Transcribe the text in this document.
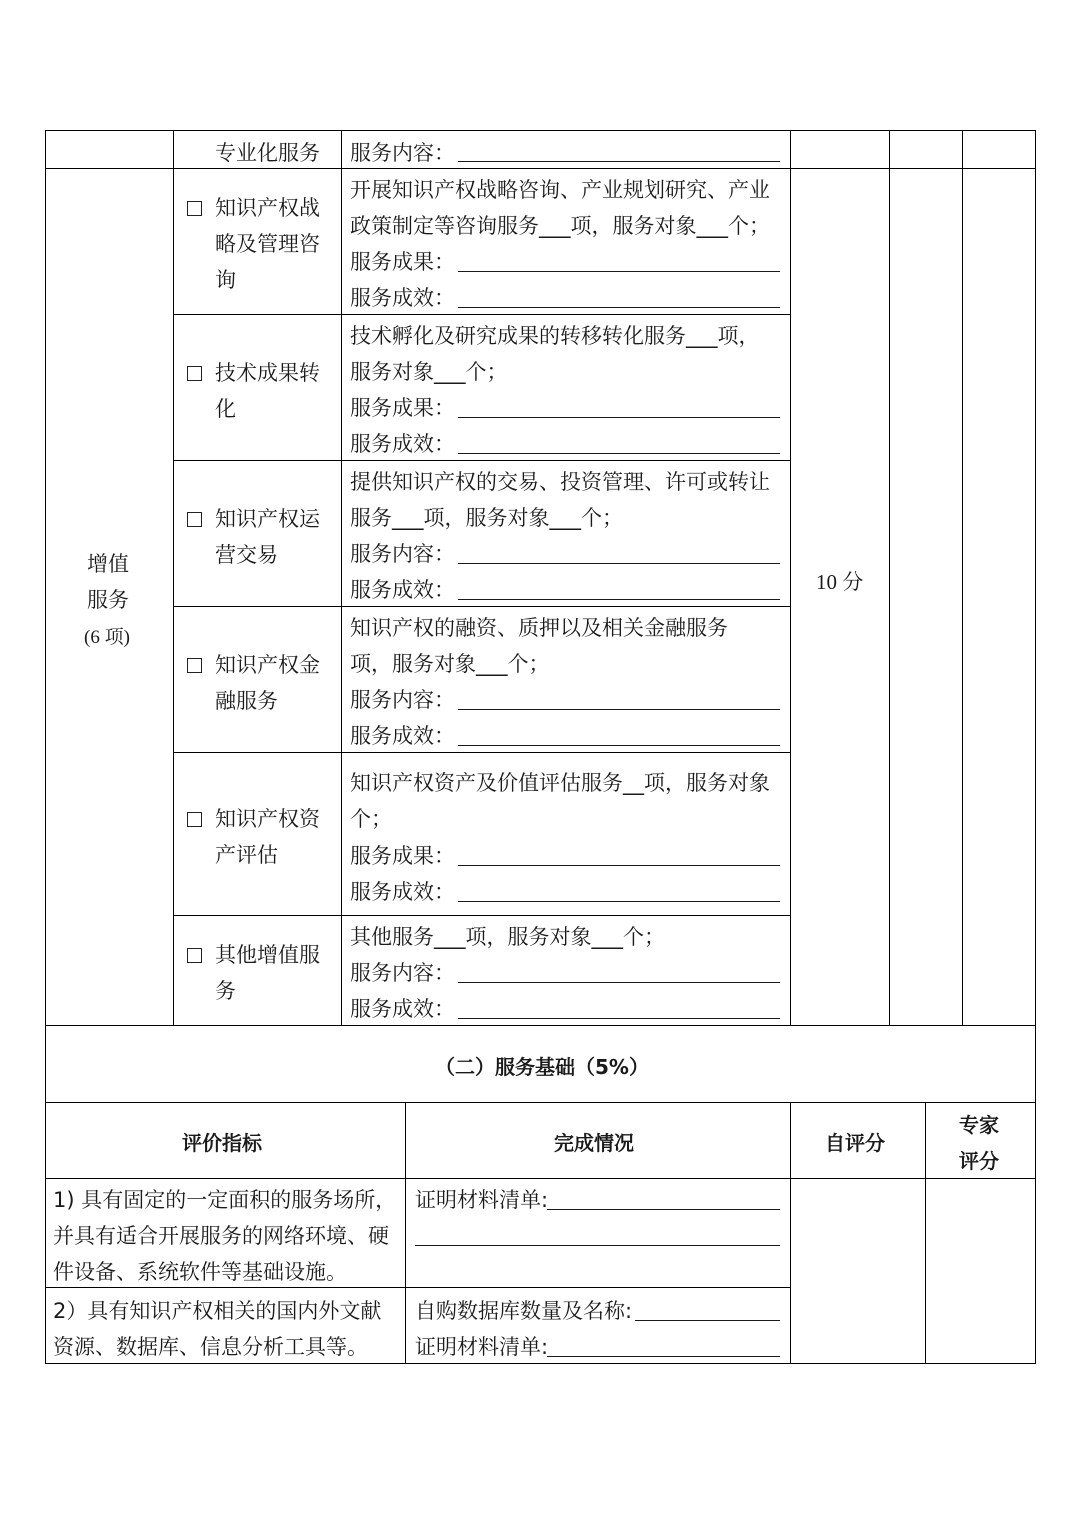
专业化服务 服务内容：
增值
服务
(6 项)
10 分
知识产权战
略及管理咨
询
开展知识产权战略咨询、产业规划研究、产业
政策制定等咨询服务___项，服务对象___个；
服务成果：
服务成效：
技术成果转
化
技术孵化及研究成果的转移转化服务___项，
服务对象___个；
服务成果：
服务成效：
知识产权运
营交易
提供知识产权的交易、投资管理、许可或转让
服务___项，服务对象___个；
服务内容：
服务成效：
知识产权金
融服务
知识产权的融资、质押以及相关金融服务
项，服务对象___个；
服务内容：
服务成效：
知识产权资
产评估
知识产权资产及价值评估服务__项，服务对象
个；
服务成果：
服务成效：
其他增值服
务
其他服务___项，服务对象___个；
服务内容：
服务成效：
（二）服务基础（5%）
评价指标	完成情况	自评分
专家
评分
1) 具有固定的一定面积的服务场所，
并具有适合开展服务的网络环境、硬
件设备、系统软件等基础设施。
证明材料清单:
2）具有知识产权相关的国内外文献
资源、数据库、信息分析工具等。
自购数据库数量及名称:
证明材料清单:
